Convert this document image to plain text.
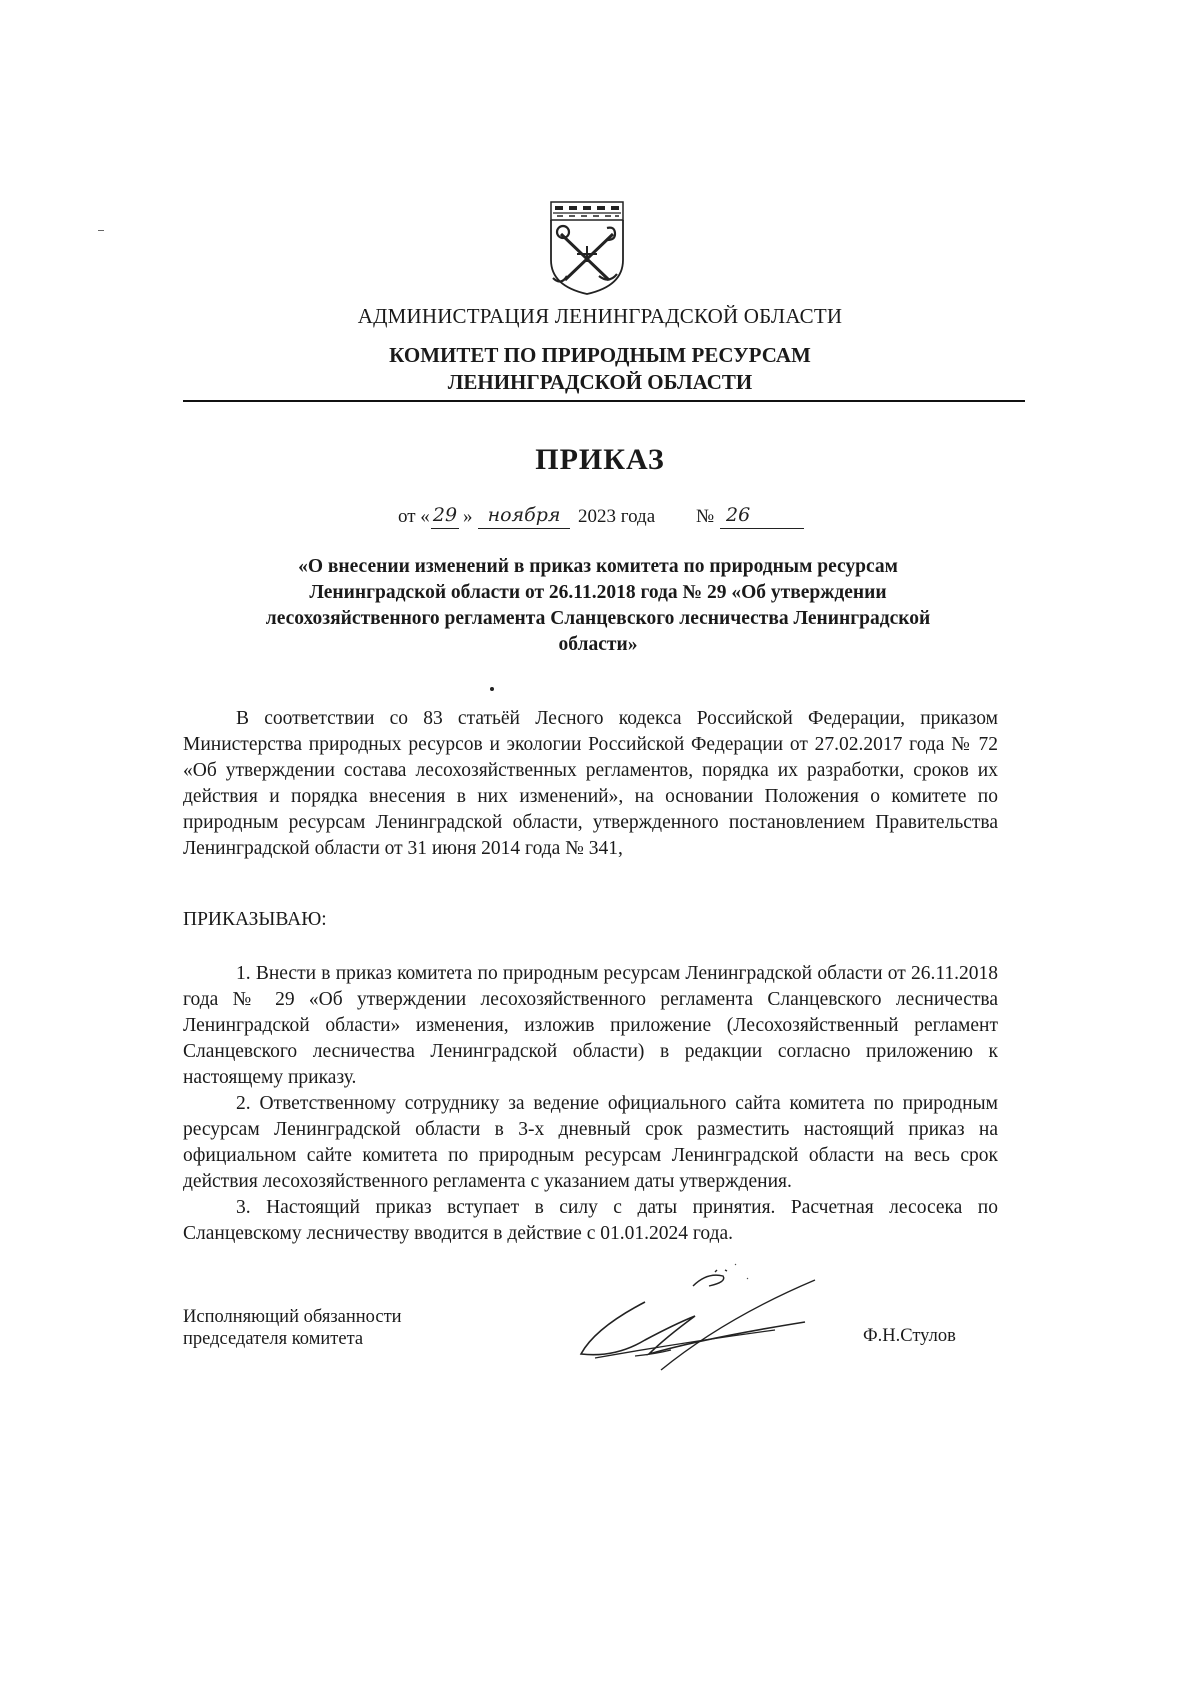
АДМИНИСТРАЦИЯ ЛЕНИНГРАДСКОЙ ОБЛАСТИ
КОМИТЕТ ПО ПРИРОДНЫМ РЕСУРСАМ
ЛЕНИНГРАДСКОЙ ОБЛАСТИ
ПРИКАЗ
от « 29 » ноября 2023 года № 26
«О внесении изменений в приказ комитета по природным ресурсам
Ленинградской области от 26.11.2018 года № 29 «Об утверждении
лесохозяйственного регламента Сланцевского лесничества Ленинградской
области»
В соответствии со 83 статьёй Лесного кодекса Российской Федерации, приказом Министерства природных ресурсов и экологии Российской Федерации от 27.02.2017 года № 72 «Об утверждении состава лесохозяйственных регламентов, порядка их разработки, сроков их действия и порядка внесения в них изменений», на основании Положения о комитете по природным ресурсам Ленинградской области, утвержденного постановлением Правительства Ленинградской области от 31 июня 2014 года № 341,
ПРИКАЗЫВАЮ:

1. Внести в приказ комитета по природным ресурсам Ленинградской области от 26.11.2018 года № 29 «Об утверждении лесохозяйственного регламента Сланцевского лесничества Ленинградской области» изменения, изложив приложение (Лесохозяйственный регламент Сланцевского лесничества Ленинградской области) в редакции согласно приложению к настоящему приказу.

2. Ответственному сотруднику за ведение официального сайта комитета по природным ресурсам Ленинградской области в 3-х дневный срок разместить настоящий приказ на официальном сайте комитета по природным ресурсам Ленинградской области на весь срок действия лесохозяйственного регламента с указанием даты утверждения.

3. Настоящий приказ вступает в силу с даты принятия. Расчетная лесосека по Сланцевскому лесничеству вводится в действие с 01.01.2024 года.

Исполняющий обязанности
председателя комитета	Ф.Н.Стулов
